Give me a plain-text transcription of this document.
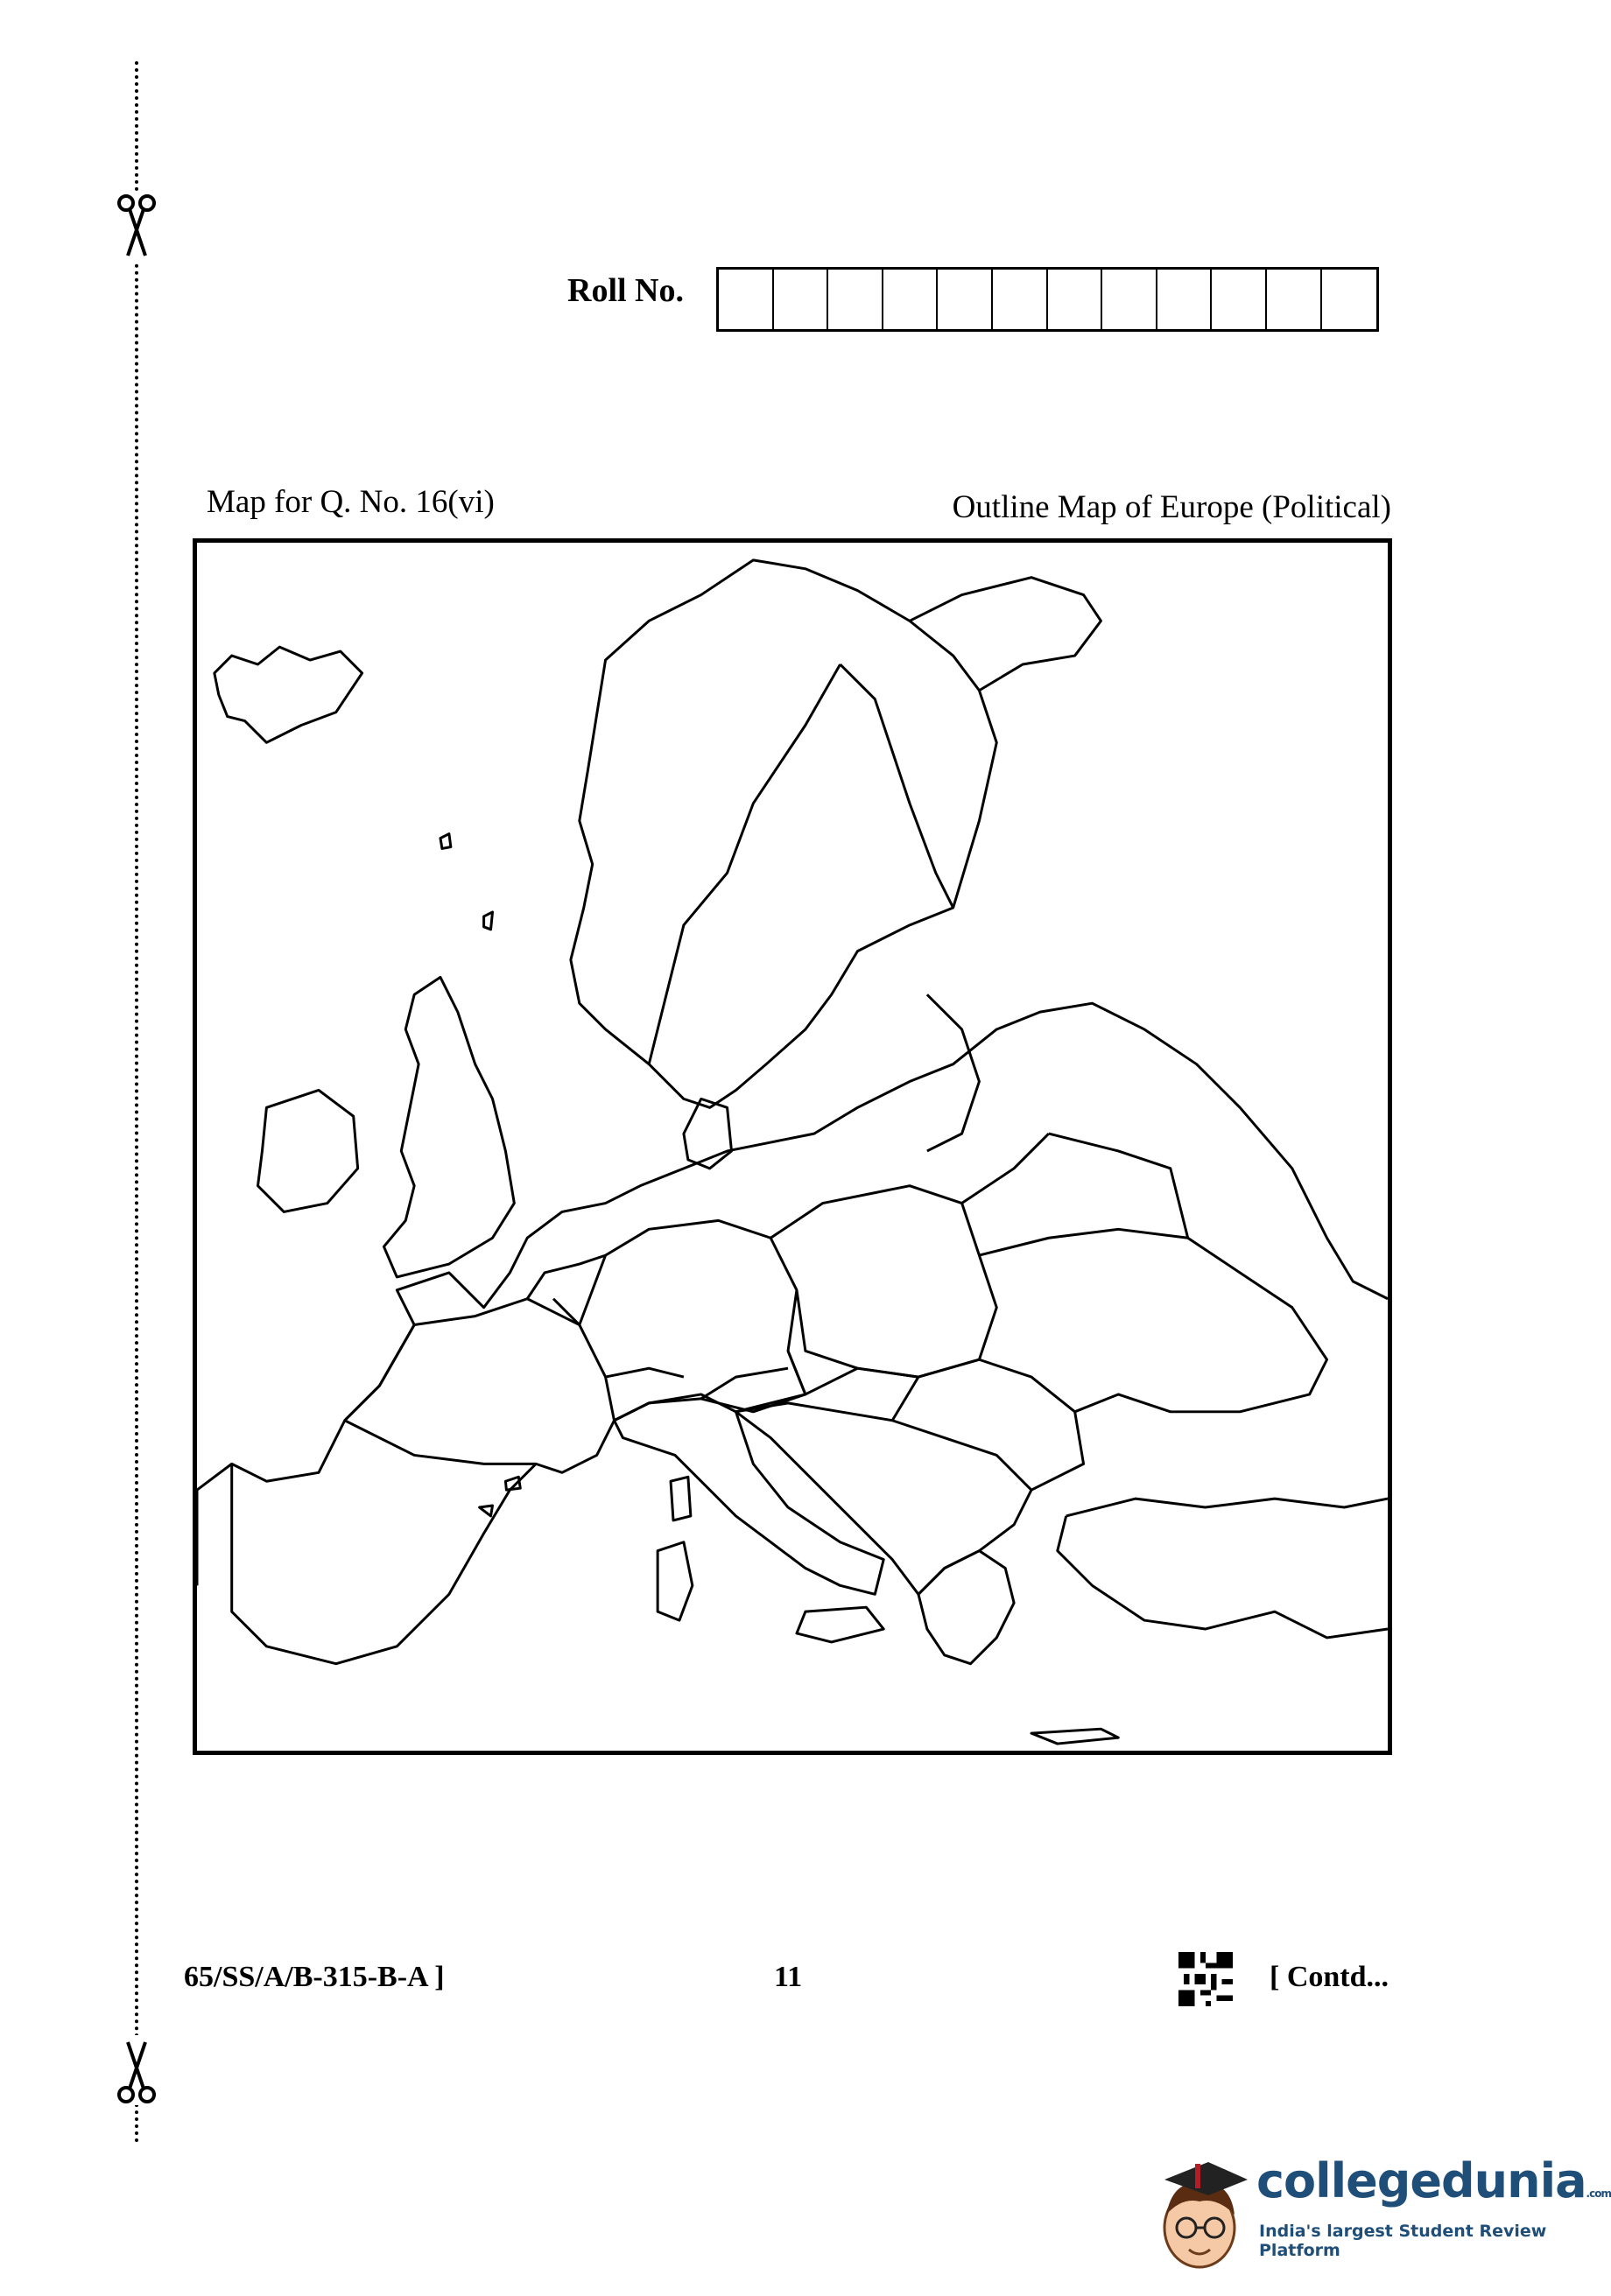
Roll No.
Map for Q. No. 16(vi)	Outline Map of Europe (Political)
65/SS/A/B-315-B-A ]	11	[ Contd...
collegedunia.com
India's largest Student Review Platform
